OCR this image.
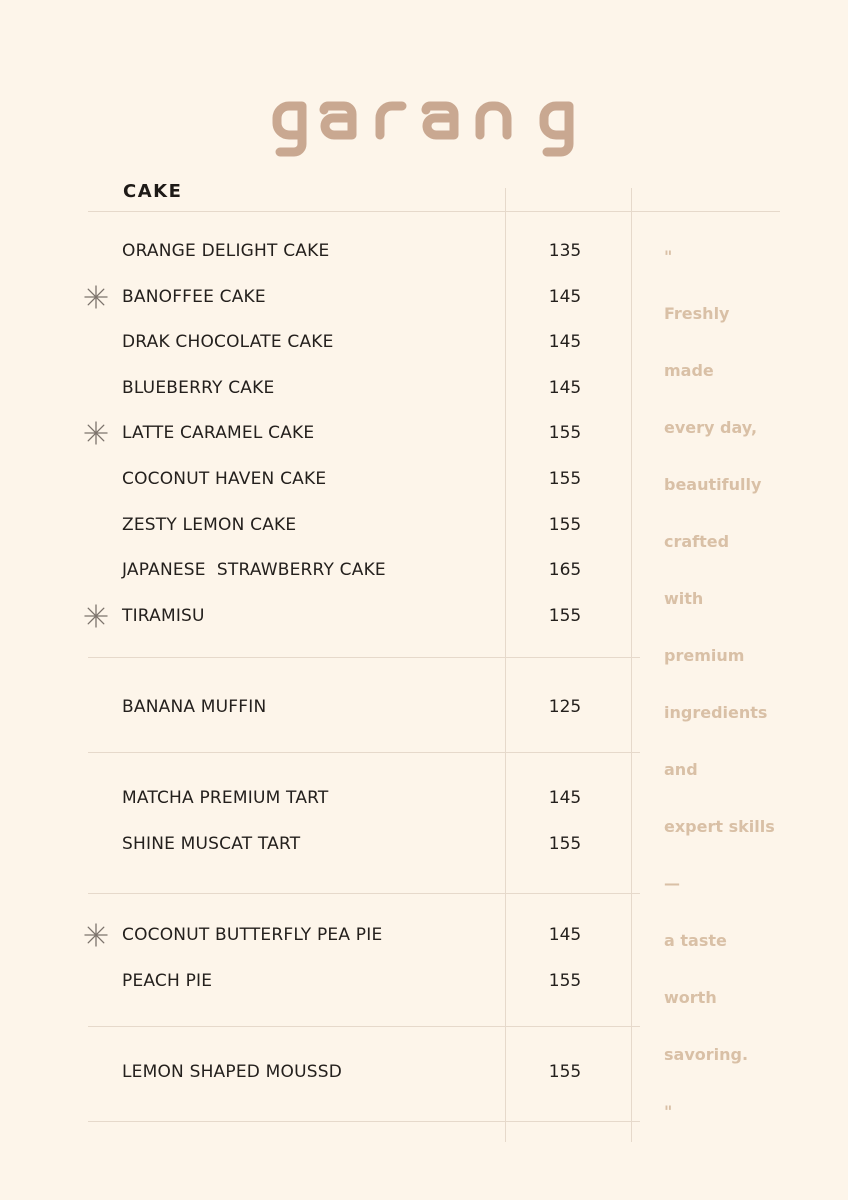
CAKE
ORANGE DELIGHT CAKE	135
BANOFFEE CAKE	145
DRAK CHOCOLATE CAKE	145
BLUEBERRY CAKE	145
LATTE CARAMEL CAKE	155
COCONUT HAVEN CAKE	155
ZESTY LEMON CAKE	155
JAPANESE  STRAWBERRY CAKE	165
TIRAMISU	155
BANANA MUFFIN	125
MATCHA PREMIUM TART	145
SHINE MUSCAT TART	155
COCONUT BUTTERFLY PEA PIE	145
PEACH PIE	155
LEMON SHAPED MOUSSD	155
"
Freshly
made
every day,
beautifully
crafted
with
premium
ingredients
and
expert skills
—
a taste
worth
savoring.
"
